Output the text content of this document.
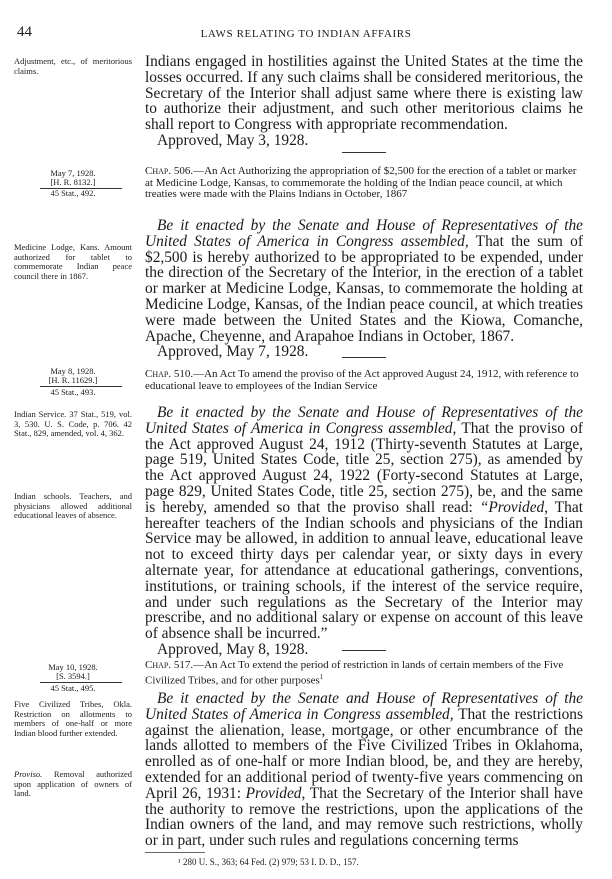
44	LAWS RELATING TO INDIAN AFFAIRS
Adjustment, etc., of meritorious claims.
May 7, 1928.
[H. R. 8132.]
45 Stat., 492.
Medicine Lodge, Kans. Amount authorized for tablet to commemorate Indian peace council there in 1867.
May 8, 1928.
[H. R. 11629.]
45 Stat., 493.
Indian Service. 37 Stat., 519, vol. 3, 530. U. S. Code, p. 706. 42 Stat., 829, amended, vol. 4, 362.
Indian schools. Teachers, and physicians allowed additional educational leaves of absence.
May 10, 1928.
[S. 3594.]
45 Stat., 495.
Five Civilized Tribes, Okla. Restriction on allotments to members of one-half or more Indian blood further extended.
Proviso. Removal authorized upon application of owners of land.

Indians engaged in hostilities against the United States at the time the losses occurred. If any such claims shall be considered meritorious, the Secretary of the Interior shall adjust same where there is existing law to authorize their adjustment, and such other meritorious claims he shall report to Congress with appropriate recommendation.

Approved, May 3, 1928.

Chap. 506.—An Act Authorizing the appropriation of $2,500 for the erection of a tablet or marker at Medicine Lodge, Kansas, to commemorate the holding of the Indian peace council, at which treaties were made with the Plains Indians in October, 1867

Be it enacted by the Senate and House of Representatives of the United States of America in Congress assembled, That the sum of $2,500 is hereby authorized to be appropriated to be expended, under the direction of the Secretary of the Interior, in the erection of a tablet or marker at Medicine Lodge, Kansas, to commemorate the holding at Medicine Lodge, Kansas, of the Indian peace council, at which treaties were made between the United States and the Kiowa, Comanche, Apache, Cheyenne, and Arapahoe Indians in October, 1867.

Approved, May 7, 1928.

Chap. 510.—An Act To amend the proviso of the Act approved August 24, 1912, with reference to educational leave to employees of the Indian Service

Be it enacted by the Senate and House of Representatives of the United States of America in Congress assembled, That the proviso of the Act approved August 24, 1912 (Thirty-seventh Statutes at Large, page 519, United States Code, title 25, section 275), as amended by the Act approved August 24, 1922 (Forty-second Statutes at Large, page 829, United States Code, title 25, section 275), be, and the same is hereby, amended so that the proviso shall read: “Provided, That hereafter teachers of the Indian schools and physicians of the Indian Service may be allowed, in addition to annual leave, educational leave not to exceed thirty days per calendar year, or sixty days in every alternate year, for attendance at educational gatherings, conventions, institutions, or training schools, if the interest of the service require, and under such regulations as the Secretary of the Interior may prescribe, and no additional salary or expense on account of this leave of absence shall be incurred.”

Approved, May 8, 1928.

Chap. 517.—An Act To extend the period of restriction in lands of certain members of the Five Civilized Tribes, and for other purposes$^1$

Be it enacted by the Senate and House of Representatives of the United States of America in Congress assembled, That the restrictions against the alienation, lease, mortgage, or other encumbrance of the lands allotted to members of the Five Civilized Tribes in Oklahoma, enrolled as of one-half or more Indian blood, be, and they are hereby, extended for an additional period of twenty-five years commencing on April 26, 1931: Provided, That the Secretary of the Interior shall have the authority to remove the restrictions, upon the applications of the Indian owners of the land, and may remove such restrictions, wholly or in part, under such rules and regulations concerning terms

¹ 280 U. S., 363; 64 Fed. (2) 979; 53 I. D. D., 157.
